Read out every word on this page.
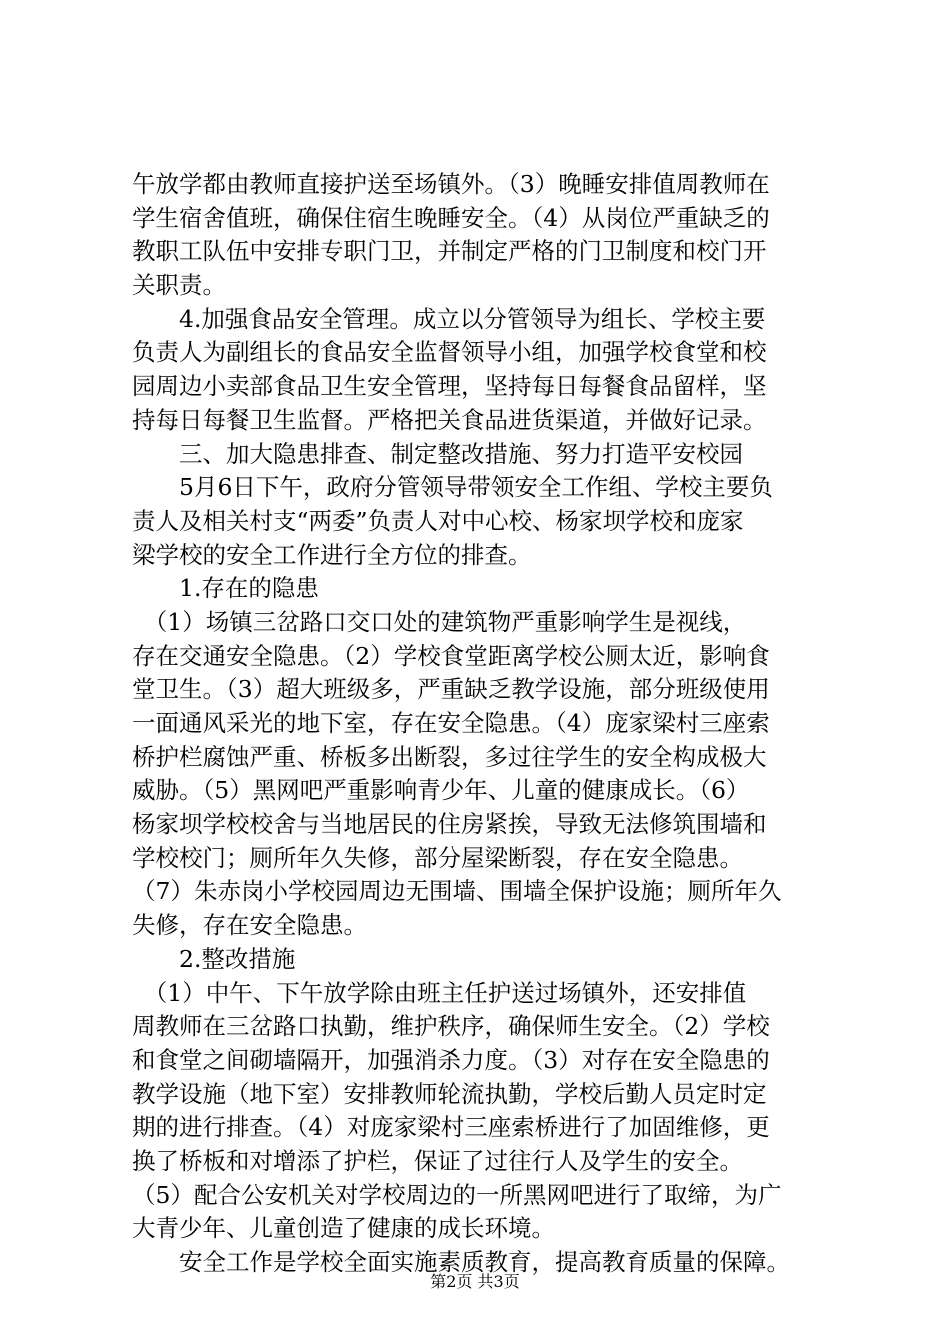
午放学都由教师直接护送至场镇外。（3）晚睡安排值周教师在
学生宿舍值班，确保住宿生晚睡安全。（4）从岗位严重缺乏的
教职工队伍中安排专职门卫，并制定严格的门卫制度和校门开
关职责。
　　4.加强食品安全管理。成立以分管领导为组长、学校主要
负责人为副组长的食品安全监督领导小组，加强学校食堂和校
园周边小卖部食品卫生安全管理，坚持每日每餐食品留样，坚
持每日每餐卫生监督。严格把关食品进货渠道，并做好记录。
　　三、加大隐患排查、制定整改措施、努力打造平安校园
　　5月6日下午，政府分管领导带领安全工作组、学校主要负
责人及相关村支“两委”负责人对中心校、杨家坝学校和庞家
梁学校的安全工作进行全方位的排查。
　　1.存在的隐患
　（1）场镇三岔路口交口处的建筑物严重影响学生是视线，
存在交通安全隐患。（2）学校食堂距离学校公厕太近，影响食
堂卫生。（3）超大班级多，严重缺乏教学设施，部分班级使用
一面通风采光的地下室，存在安全隐患。（4）庞家梁村三座索
桥护栏腐蚀严重、桥板多出断裂，多过往学生的安全构成极大
威胁。（5）黑网吧严重影响青少年、儿童的健康成长。（6）
杨家坝学校校舍与当地居民的住房紧挨，导致无法修筑围墙和
学校校门；厕所年久失修，部分屋梁断裂，存在安全隐患。
（7）朱赤岗小学校园周边无围墙、围墙全保护设施；厕所年久
失修，存在安全隐患。
　　2.整改措施
　（1）中午、下午放学除由班主任护送过场镇外，还安排值
周教师在三岔路口执勤，维护秩序，确保师生安全。（2）学校
和食堂之间砌墙隔开，加强消杀力度。（3）对存在安全隐患的
教学设施（地下室）安排教师轮流执勤，学校后勤人员定时定
期的进行排查。（4）对庞家梁村三座索桥进行了加固维修，更
换了桥板和对增添了护栏，保证了过往行人及学生的安全。
（5）配合公安机关对学校周边的一所黑网吧进行了取缔，为广
大青少年、儿童创造了健康的成长环境。
　　安全工作是学校全面实施素质教育，提高教育质量的保障。
第2页 共3页
